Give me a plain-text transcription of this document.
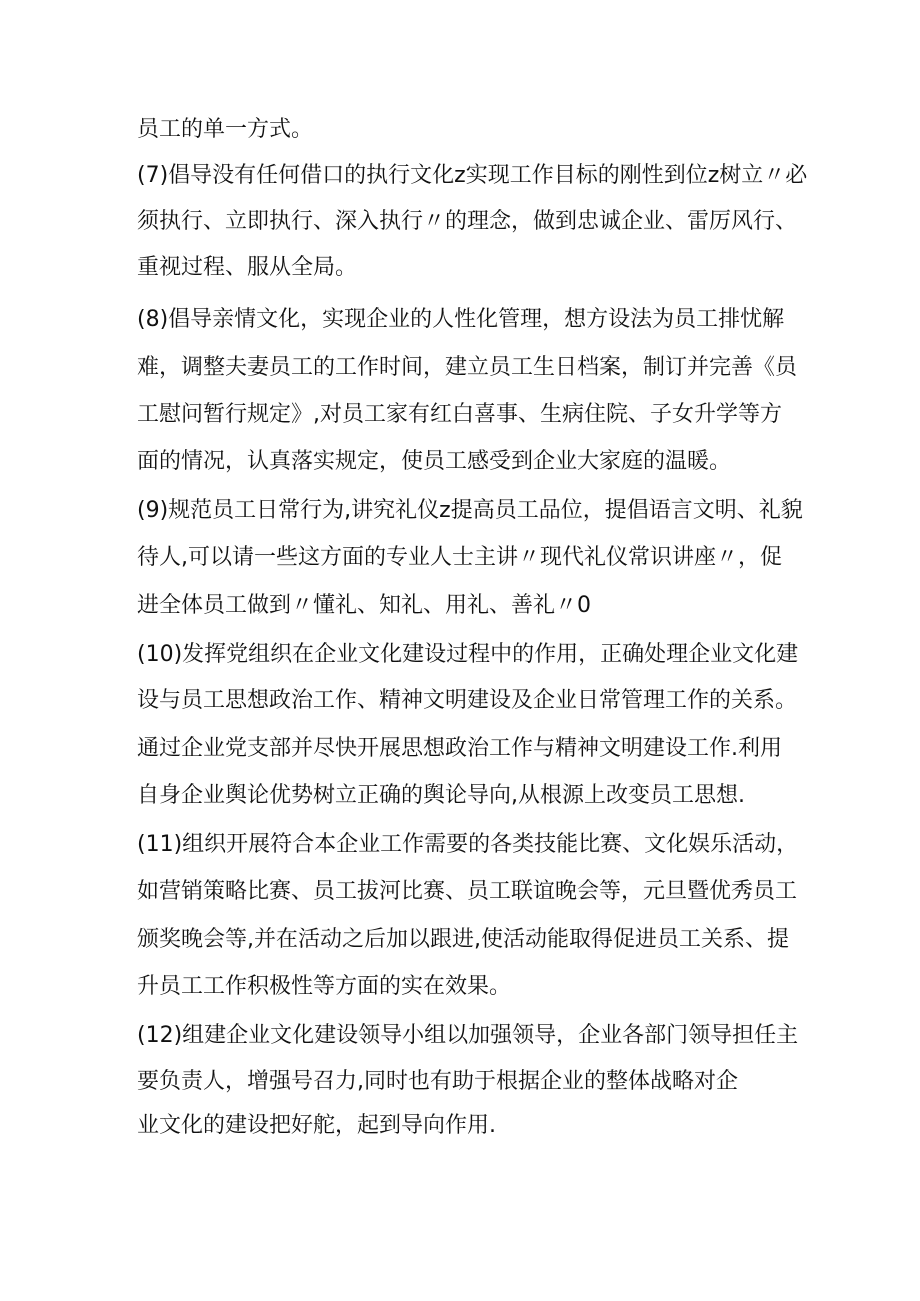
员工的单一方式。

(7)倡导没有任何借口的执行文化z实现工作目标的刚性到位z树立〃必

须执行、立即执行、深入执行〃的理念，做到忠诚企业、雷厉风行、

重视过程、服从全局。

(8)倡导亲情文化，实现企业的人性化管理，想方设法为员工排忧解

难，调整夫妻员工的工作时间，建立员工生日档案，制订并完善《员

工慰问暂行规定》,对员工家有红白喜事、生病住院、子女升学等方

面的情况，认真落实规定，使员工感受到企业大家庭的温暖。

(9)规范员工日常行为,讲究礼仪z提高员工品位，提倡语言文明、礼貌

待人,可以请一些这方面的专业人士主讲〃现代礼仪常识讲座〃，促

进全体员工做到〃懂礼、知礼、用礼、善礼〃0

(10)发挥党组织在企业文化建设过程中的作用，正确处理企业文化建

设与员工思想政治工作、精神文明建设及企业日常管理工作的关系。

通过企业党支部并尽快开展思想政治工作与精神文明建设工作.利用

自身企业舆论优势树立正确的舆论导向,从根源上改变员工思想.

(11)组织开展符合本企业工作需要的各类技能比赛、文化娱乐活动，

如营销策略比赛、员工拔河比赛、员工联谊晚会等，元旦暨优秀员工

颁奖晚会等,并在活动之后加以跟进,使活动能取得促进员工关系、提

升员工工作积极性等方面的实在效果。

(12)组建企业文化建设领导小组以加强领导，企业各部门领导担任主

要负责人，增强号召力,同时也有助于根据企业的整体战略对企

业文化的建设把好舵，起到导向作用.
